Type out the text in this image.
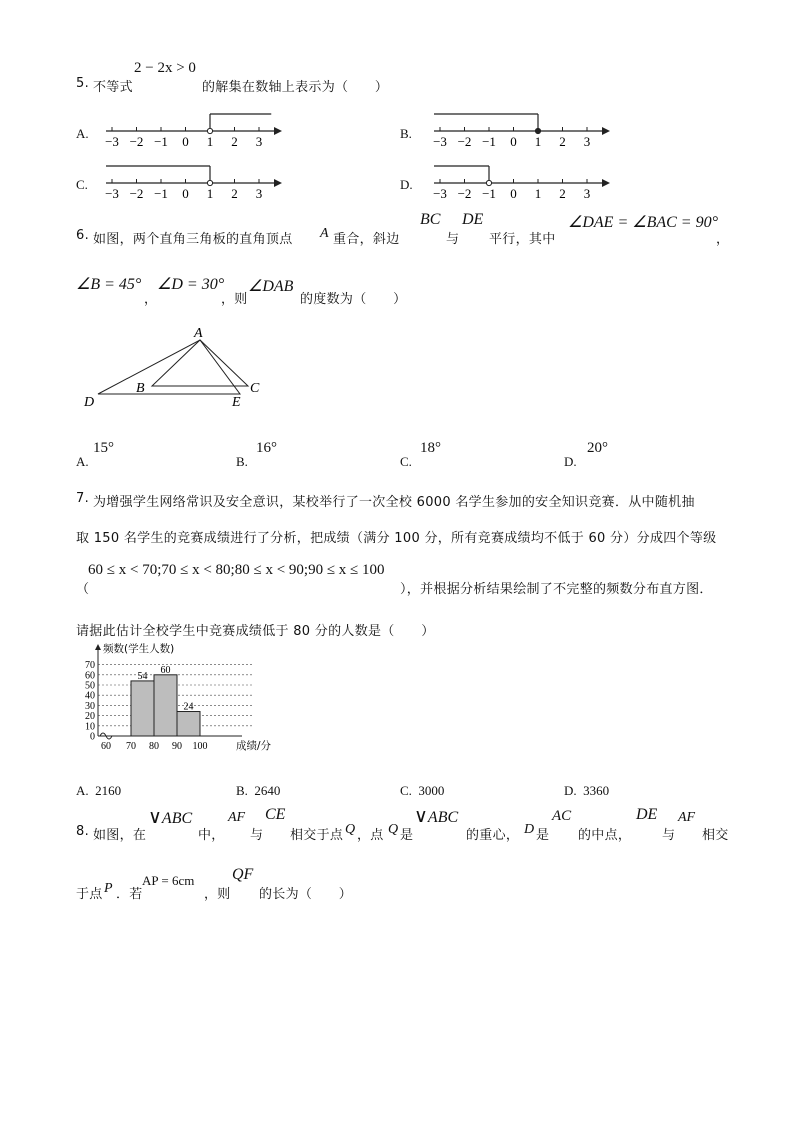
5. 不等式
2 − 2x > 0
的解集在数轴上表示为（　　）
A.	B.
C.	D.
−3 −2 −1 0 1 2 3	−3 −2 −1 0 1 2 3
−3 −2 −1 0 1 2 3	−3 −2 −1 0 1 2 3
6. 如图，两个直角三角板的直角顶点 A 重合，斜边
BC
与
DE
平行，其中
∠DAE = ∠BAC = 90°
，
∠B = 45°
，
∠D = 30°
，则
∠DAB
的度数为（　　）
A
B	C
D	E
A.
15°
B.
16°
C.
18°
D.
20°
7. 为增强学生网络常识及安全意识，某校举行了一次全校 6000 名学生参加的安全知识竞赛．从中随机抽
取 150 名学生的竞赛成绩进行了分析，把成绩（满分 100 分，所有竞赛成绩均不低于 60 分）分成四个等级
（
60 ≤ x < 70;70 ≤ x < 80;80 ≤ x < 90;90 ≤ x ≤ 100
），并根据分析结果绘制了不完整的频数分布直方图．
请据此估计全校学生中竞赛成绩低于 80 分的人数是（　　）
0
10
20
30
40
50
60
70
54
60
24
60 70 80 90 100
频数(学生人数)
成绩/分
A. 2160	B. 2640	C. 3000	D. 3360
8. 如图，在
∨ABC
中，
AF
与
CE
相交于点 Q ，点 Q 是
∨ABC
的重心， D 是
AC
的中点，
DE
与
AF
相交
于点 P ．若
AP = 6cm
，则
QF
的长为（　　）
